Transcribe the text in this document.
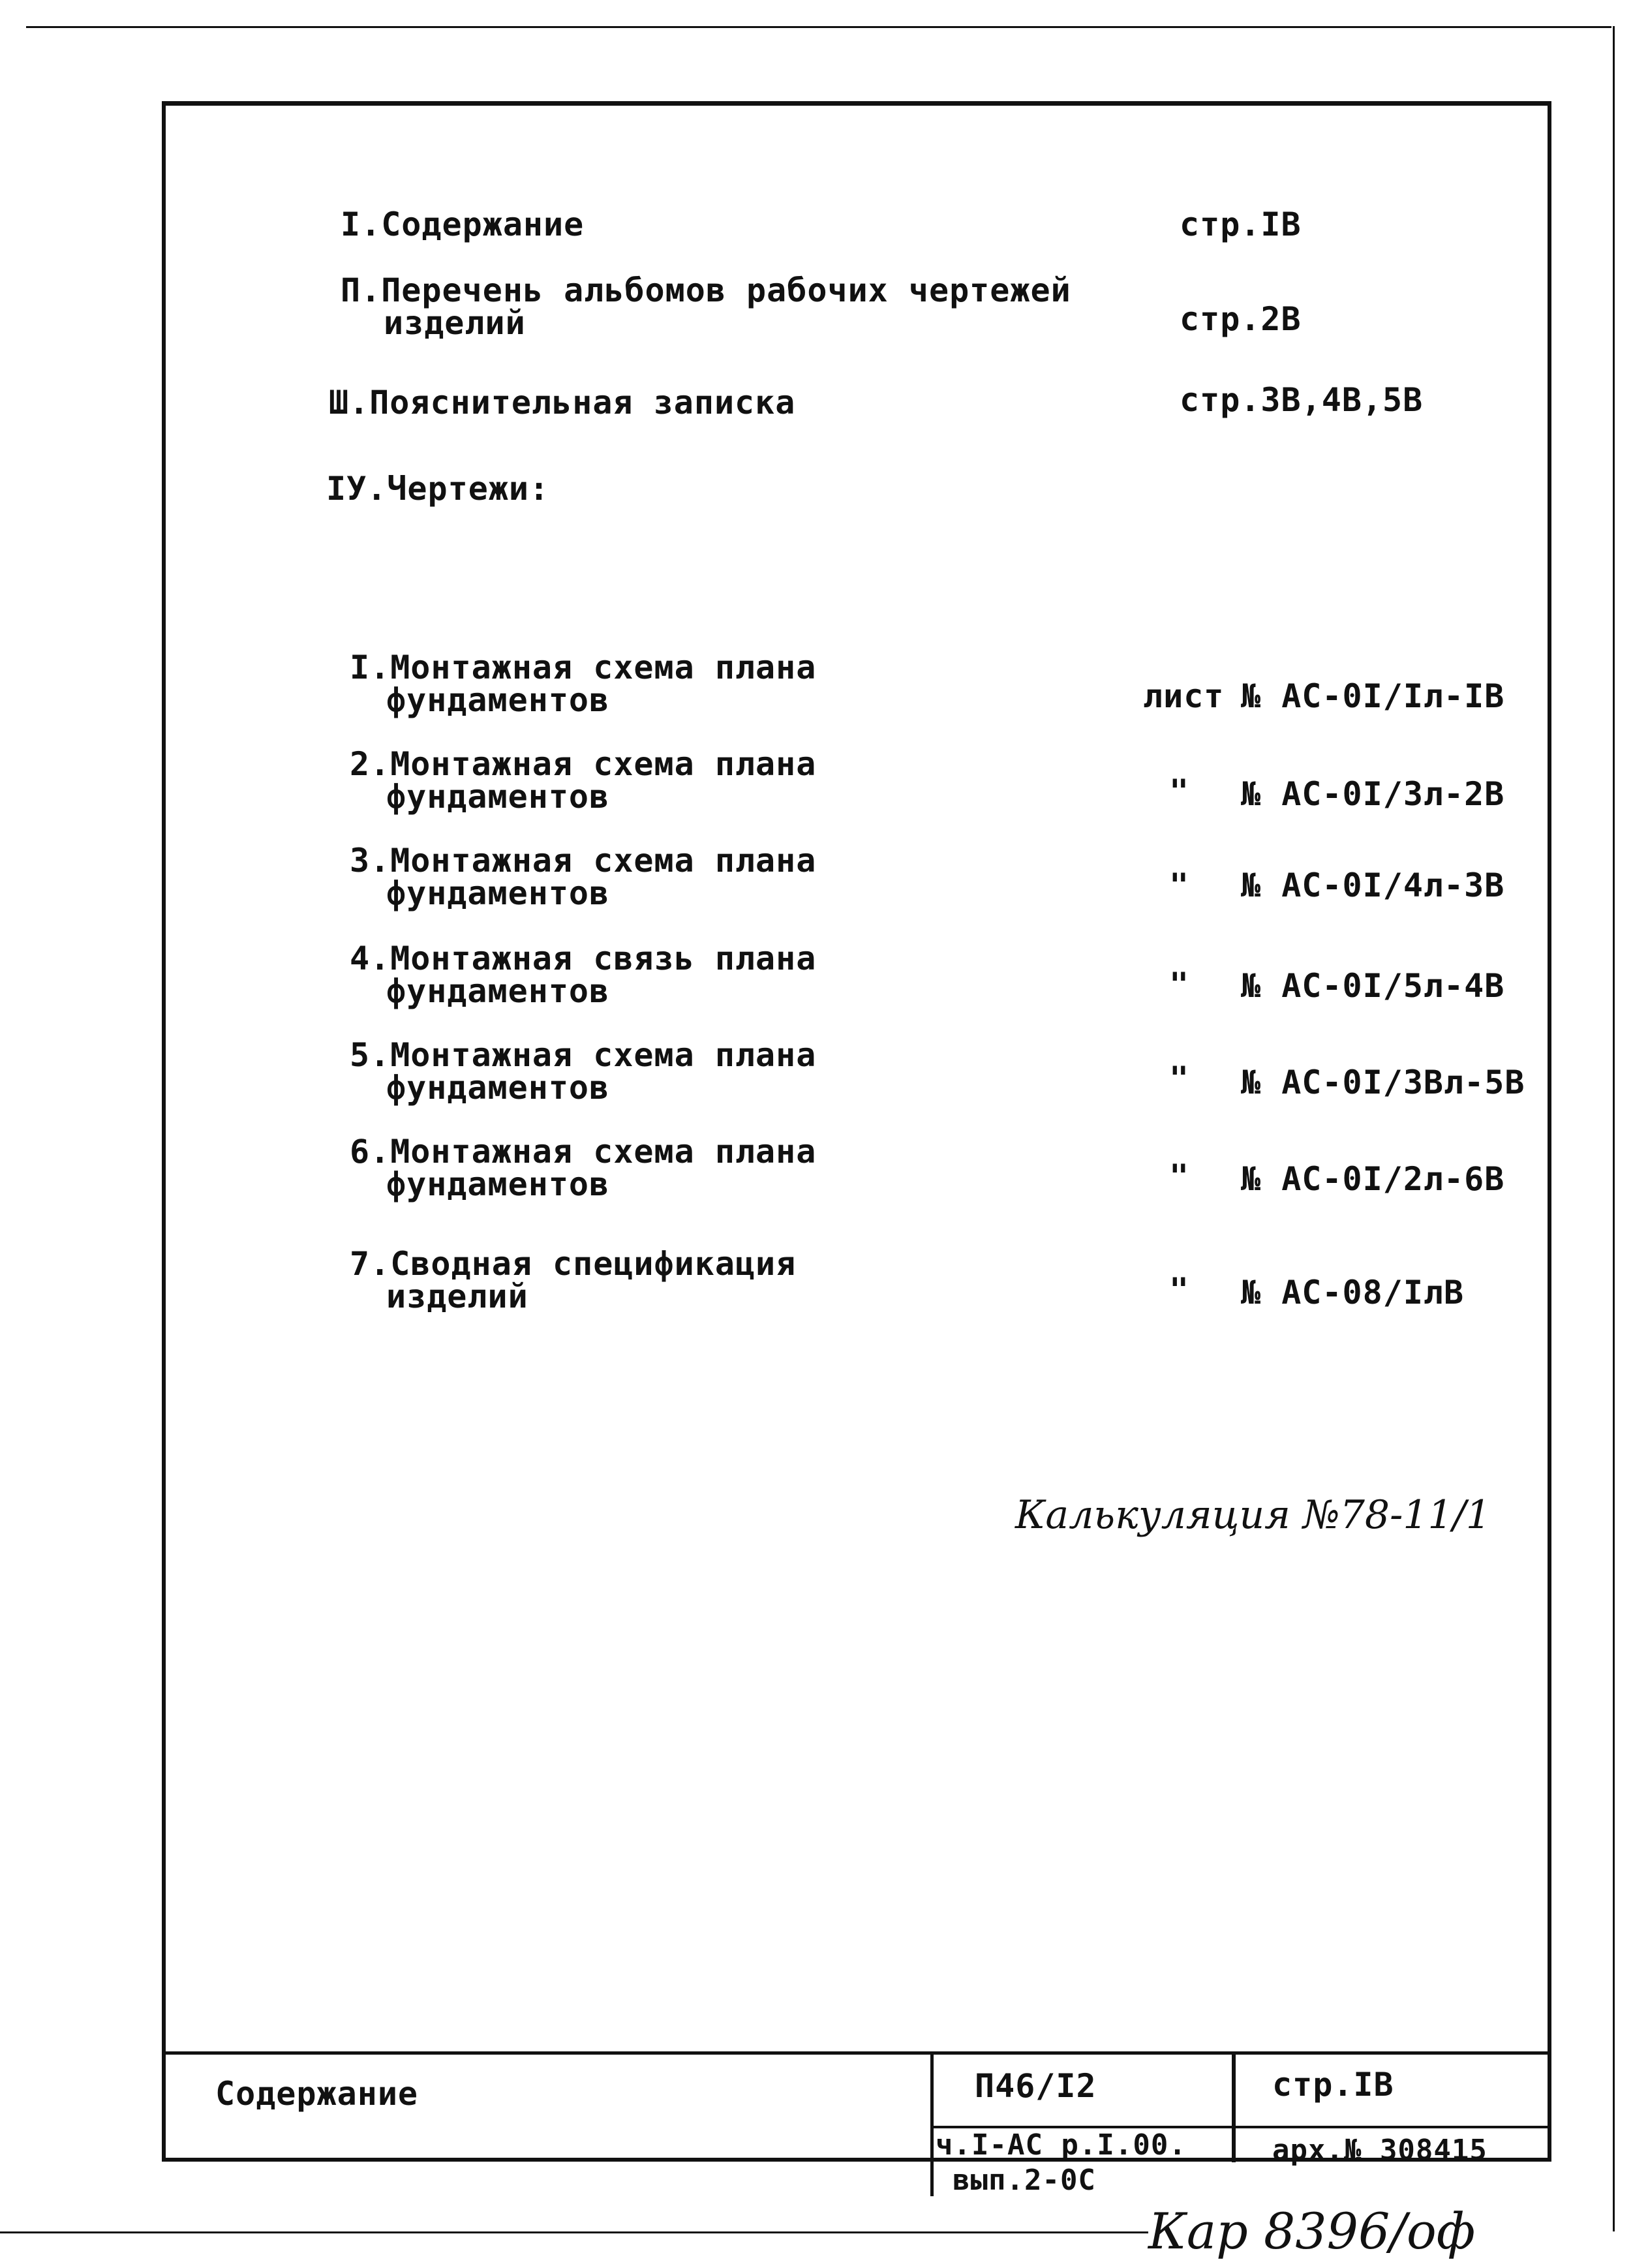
I.Содержание	стр.IВ
П.Перечень альбомов рабочих чертежей
изделий	стр.2В
Ш.Пояснительная записка	стр.3В,4В,5В
IУ.Чертежи:
I.Монтажная схема плана
фундаментов	лист № АС-0I/Iл-IВ
2.Монтажная схема плана
фундаментов	" № АС-0I/3л-2В
3.Монтажная схема плана
фундаментов	" № АС-0I/4л-3В
4.Монтажная связь плана
фундаментов	" № АС-0I/5л-4В
5.Монтажная схема плана
фундаментов	" № АС-0I/3Вл-5В
6.Монтажная схема плана
фундаментов	" № АС-0I/2л-6В
7.Сводная спецификация
изделий	" № АС-08/IлВ
Калькуляция №78-11/1
Содержание	П46/I2	стр.IВ
ч.I-АС р.I.00.	арх.№ 308415
вып.2-0С
Кар 8396/оф
